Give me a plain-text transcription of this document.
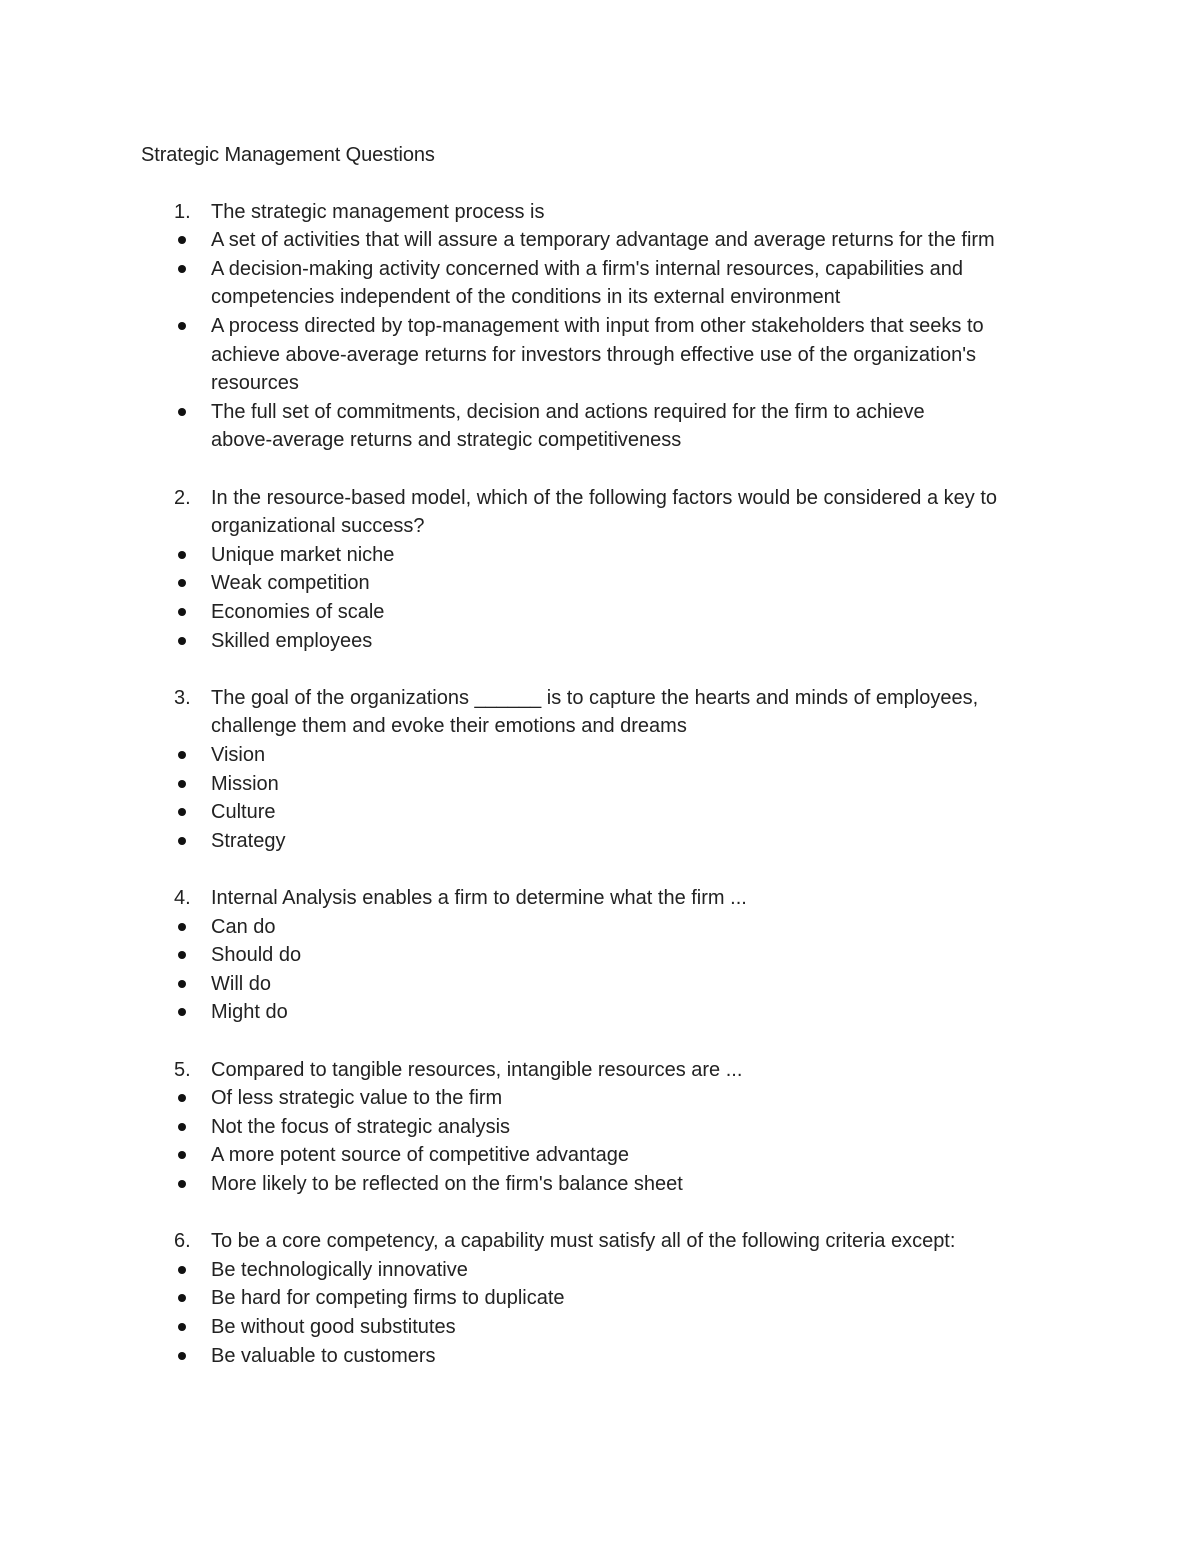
Strategic Management Questions
1. The strategic management process is
A set of activities that will assure a temporary advantage and average returns for the firm
A decision-making activity concerned with a firm's internal resources, capabilities and
competencies independent of the conditions in its external environment
A process directed by top-management with input from other stakeholders that seeks to
achieve above-average returns for investors through effective use of the organization's
resources
The full set of commitments, decision and actions required for the firm to achieve
above-average returns and strategic competitiveness
2. In the resource-based model, which of the following factors would be considered a key to
organizational success?
Unique market niche
Weak competition
Economies of scale
Skilled employees
3. The goal of the organizations ______ is to capture the hearts and minds of employees,
challenge them and evoke their emotions and dreams
Vision
Mission
Culture
Strategy
4. Internal Analysis enables a firm to determine what the firm ...
Can do
Should do
Will do
Might do
5. Compared to tangible resources, intangible resources are ...
Of less strategic value to the firm
Not the focus of strategic analysis
A more potent source of competitive advantage
More likely to be reflected on the firm's balance sheet
6. To be a core competency, a capability must satisfy all of the following criteria except:
Be technologically innovative
Be hard for competing firms to duplicate
Be without good substitutes
Be valuable to customers
